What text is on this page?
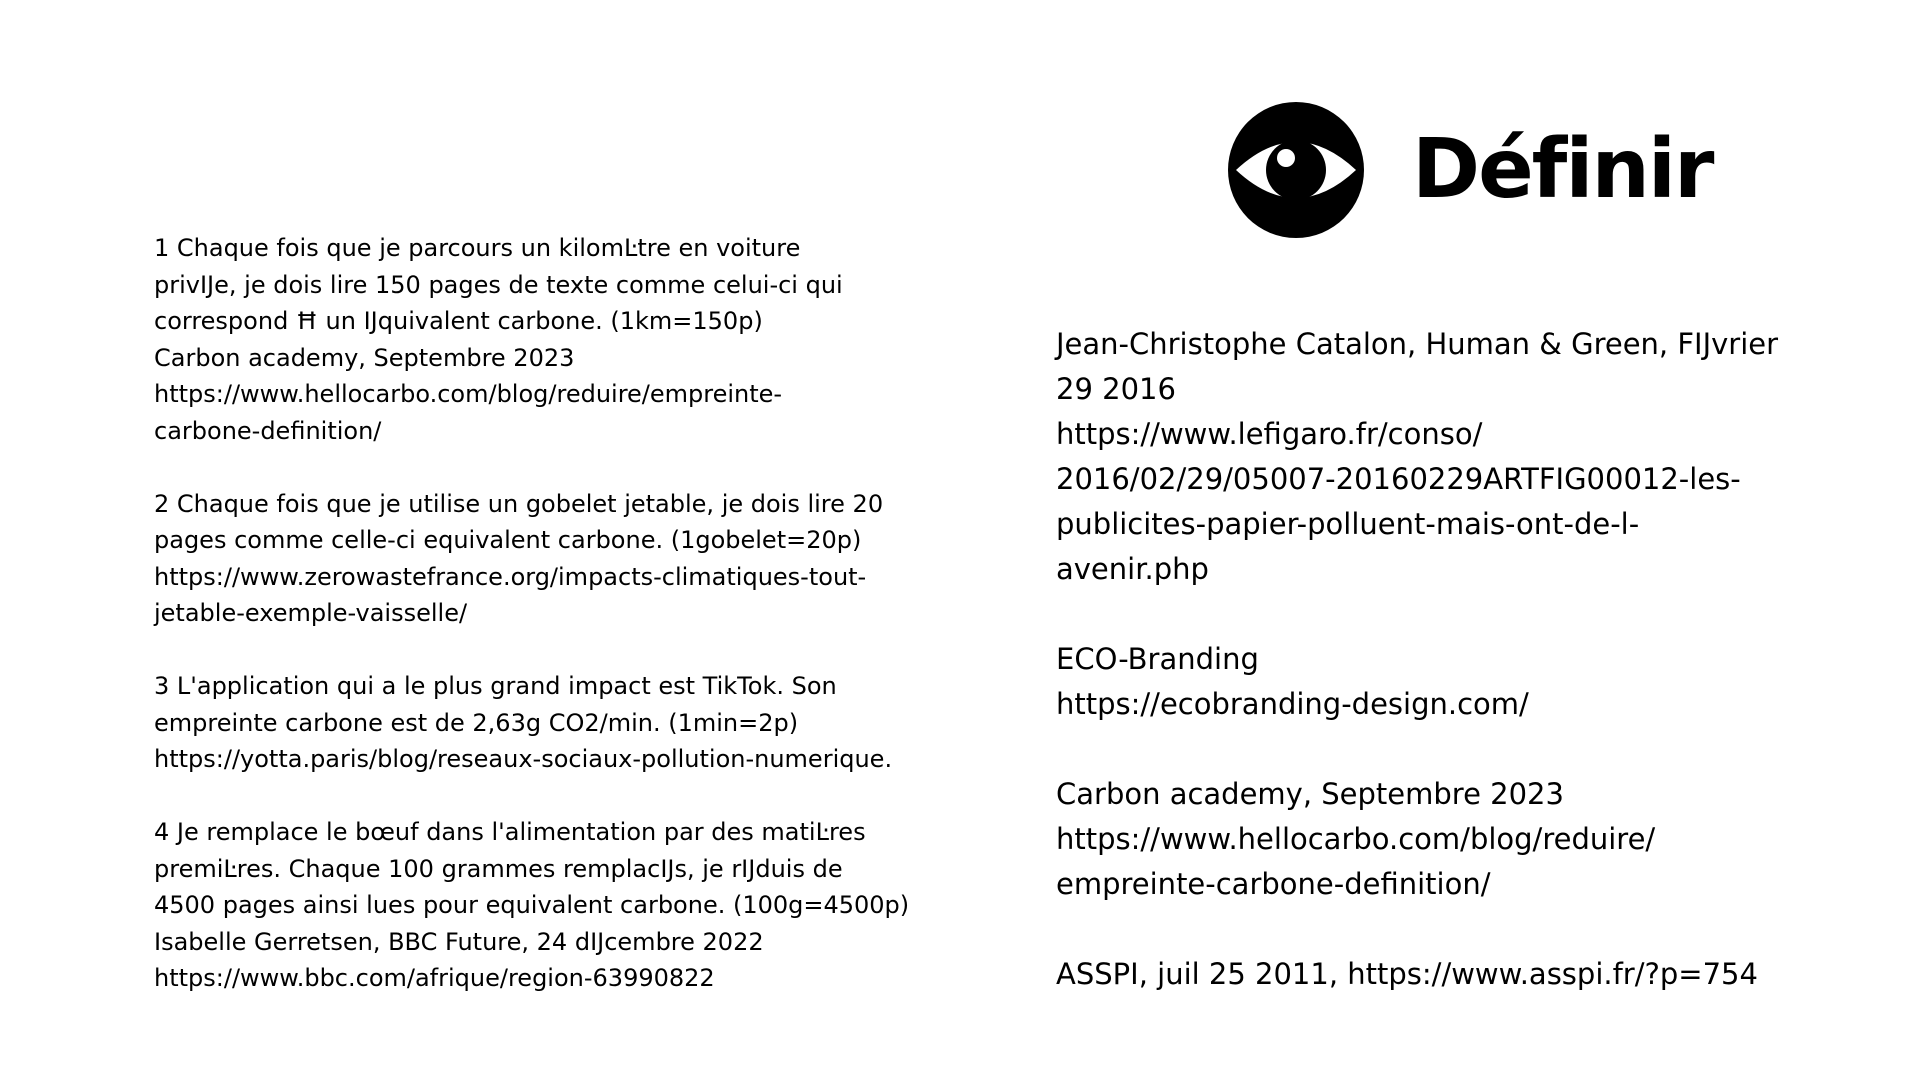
Définir
1 Chaque fois que je parcours un kilomĿtre en voiture
privIJe, je dois lire 150 pages de texte comme celui-ci qui
correspond Ħ un IJquivalent carbone. (1km=150p)
Carbon academy, Septembre 2023
https://www.hellocarbo.com/blog/reduire/empreinte-
carbone-definition/
2 Chaque fois que je utilise un gobelet jetable, je dois lire 20
pages comme celle-ci equivalent carbone. (1gobelet=20p)
https://www.zerowastefrance.org/impacts-climatiques-tout-
jetable-exemple-vaisselle/
3 L'application qui a le plus grand impact est TikTok. Son
empreinte carbone est de 2,63g CO2/min. (1min=2p)
https://yotta.paris/blog/reseaux-sociaux-pollution-numerique.
4 Je remplace le bœuf dans l'alimentation par des matiĿres
premiĿres. Chaque 100 grammes remplacIJs, je rIJduis de
4500 pages ainsi lues pour equivalent carbone. (100g=4500p)
Isabelle Gerretsen, BBC Future, 24 dIJcembre 2022
https://www.bbc.com/afrique/region-63990822
Jean-Christophe Catalon, Human & Green, FIJvrier
29 2016
https://www.lefigaro.fr/conso/
2016/02/29/05007-20160229ARTFIG00012-les-
publicites-papier-polluent-mais-ont-de-l-
avenir.php
ECO-Branding
https://ecobranding-design.com/
Carbon academy, Septembre 2023
https://www.hellocarbo.com/blog/reduire/
empreinte-carbone-definition/
ASSPI, juil 25 2011, https://www.asspi.fr/?p=754
